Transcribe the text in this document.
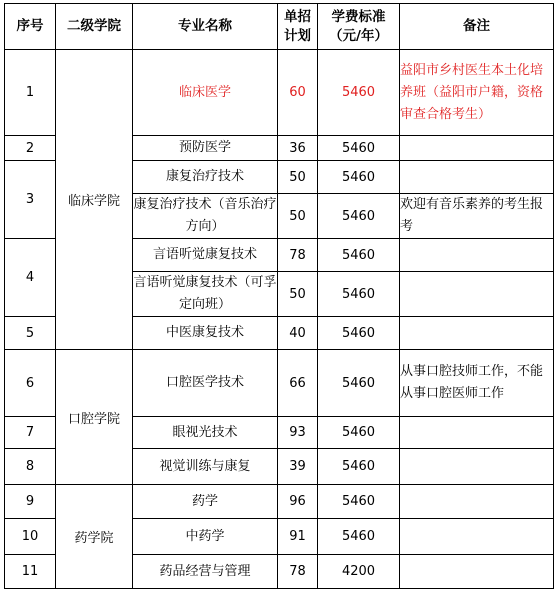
序号	二级学院	专业名称	单招计划	学费标准（元/年）	备注
1	临床学院	临床医学	60	5460	益阳市乡村医生本土化培养班（益阳市户籍，资格审查合格考生）
2		预防医学	36	5460	
3		康复治疗技术	50	5460	
		康复治疗技术（音乐治疗方向）	50	5460	欢迎有音乐素养的考生报考
4		言语听觉康复技术	78	5460	
		言语听觉康复技术（可孚定向班）	50	5460	
5		中医康复技术	40	5460	
6	口腔学院	口腔医学技术	66	5460	从事口腔技师工作，不能从事口腔医师工作
7		眼视光技术	93	5460	
8		视觉训练与康复	39	5460	
9	药学院	药学	96	5460	
10		中药学	91	5460	
11		药品经营与管理	78	4200	
